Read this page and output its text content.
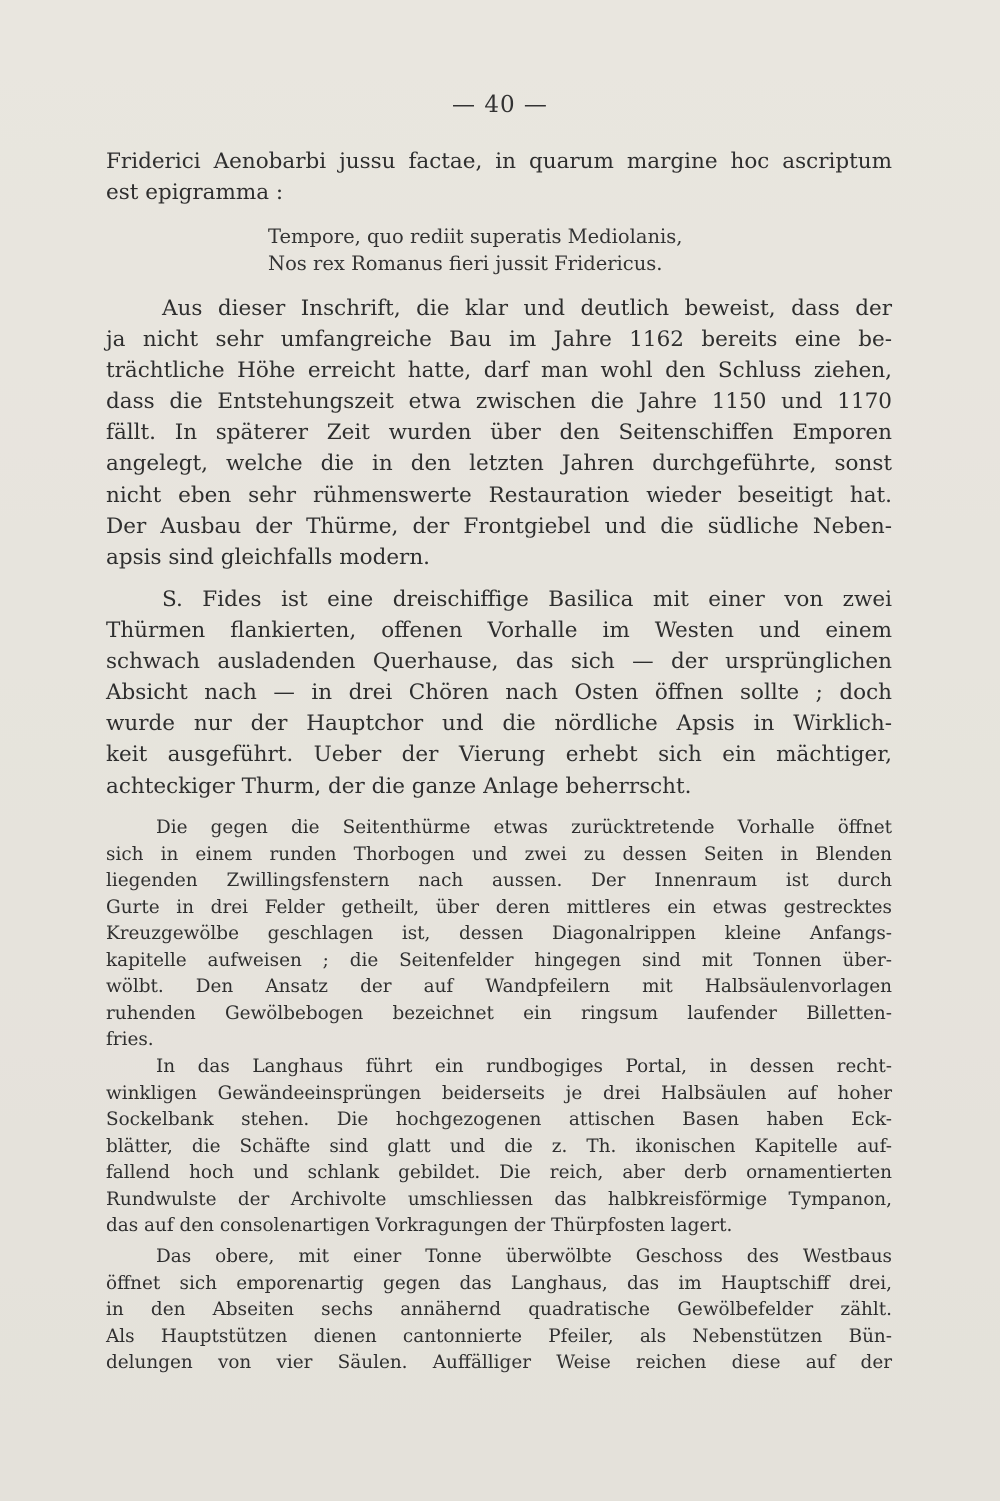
— 40 —
Friderici Aenobarbi jussu factae, in quarum margine hoc ascriptum
est epigramma :
Tempore, quo rediit superatis Mediolanis,
Nos rex Romanus fieri jussit Fridericus.
Aus dieser Inschrift, die klar und deutlich beweist, dass der
ja nicht sehr umfangreiche Bau im Jahre 1162 bereits eine be-
trächtliche Höhe erreicht hatte, darf man wohl den Schluss ziehen,
dass die Entstehungszeit etwa zwischen die Jahre 1150 und 1170
fällt. In späterer Zeit wurden über den Seitenschiffen Emporen
angelegt, welche die in den letzten Jahren durchgeführte, sonst
nicht eben sehr rühmenswerte Restauration wieder beseitigt hat.
Der Ausbau der Thürme, der Frontgiebel und die südliche Neben-
apsis sind gleichfalls modern.
S. Fides ist eine dreischiffige Basilica mit einer von zwei
Thürmen flankierten, offenen Vorhalle im Westen und einem
schwach ausladenden Querhause, das sich — der ursprünglichen
Absicht nach — in drei Chören nach Osten öffnen sollte ; doch
wurde nur der Hauptchor und die nördliche Apsis in Wirklich-
keit ausgeführt. Ueber der Vierung erhebt sich ein mächtiger,
achteckiger Thurm, der die ganze Anlage beherrscht.
Die gegen die Seitenthürme etwas zurücktretende Vorhalle öffnet
sich in einem runden Thorbogen und zwei zu dessen Seiten in Blenden
liegenden Zwillingsfenstern nach aussen. Der Innenraum ist durch
Gurte in drei Felder getheilt, über deren mittleres ein etwas gestrecktes
Kreuzgewölbe geschlagen ist, dessen Diagonalrippen kleine Anfangs-
kapitelle aufweisen ; die Seitenfelder hingegen sind mit Tonnen über-
wölbt. Den Ansatz der auf Wandpfeilern mit Halbsäulenvorlagen
ruhenden Gewölbebogen bezeichnet ein ringsum laufender Billetten-
fries.
In das Langhaus führt ein rundbogiges Portal, in dessen recht-
winkligen Gewändeeinsprüngen beiderseits je drei Halbsäulen auf hoher
Sockelbank stehen. Die hochgezogenen attischen Basen haben Eck-
blätter, die Schäfte sind glatt und die z. Th. ikonischen Kapitelle auf-
fallend hoch und schlank gebildet. Die reich, aber derb ornamentierten
Rundwulste der Archivolte umschliessen das halbkreisförmige Tympanon,
das auf den consolenartigen Vorkragungen der Thürpfosten lagert.
Das obere, mit einer Tonne überwölbte Geschoss des Westbaus
öffnet sich emporenartig gegen das Langhaus, das im Hauptschiff drei,
in den Abseiten sechs annähernd quadratische Gewölbefelder zählt.
Als Hauptstützen dienen cantonnierte Pfeiler, als Nebenstützen Bün-
delungen von vier Säulen. Auffälliger Weise reichen diese auf der
